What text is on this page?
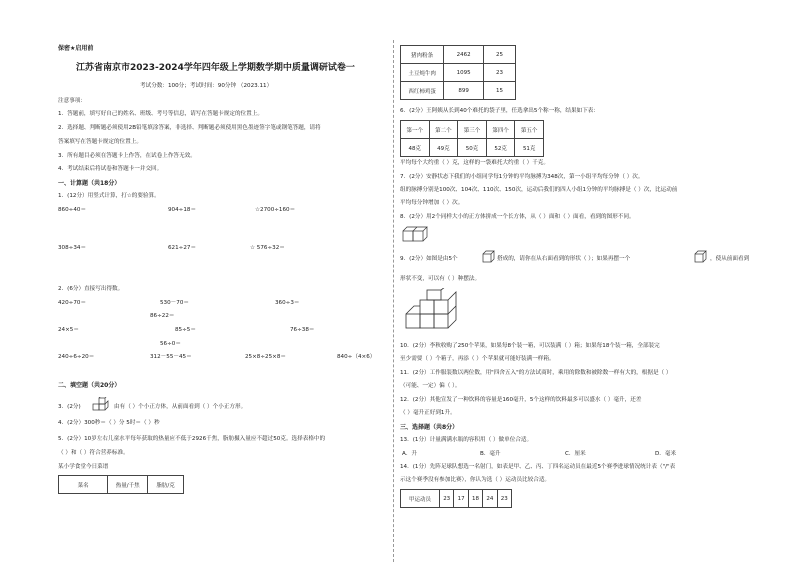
保密★启用前
江苏省南京市2023-2024学年四年级上学期数学期中质量调研试卷一
考试分数：100分；考试时间：90分钟 （2023.11）
注意事项：
1．答题前，填写好自己的姓名、班级、考号等信息，请写在答题卡规定的位置上。
2．选择题、判断题必须使用2B铅笔填涂答案，非选择、判断题必须使用黑色墨迹签字笔或钢笔答题，请将
答案填写在答题卡规定的位置上。
3．所有题目必须在答题卡上作答，在试卷上作答无效。
4．考试结束后将试卷和答题卡一并交回。
一、计算题（共18分）
1．(12分）用竖式计算，打☆的要验算。
860÷40＝	904÷18＝	☆2700÷160＝
308÷34＝	621÷27＝	☆ 576÷32＝
2．(6分）直接写出得数。
420÷70＝	530－70＝	360÷3＝
86÷22＝
24×5＝	85÷5＝	76÷38＝
56÷0＝
240÷6÷20＝	312－55－45＝	25×8÷25×8＝	840÷（4×6）
二、填空题（共20分）
3．(2分)	由有（ ）个小正方体，从前面看到（ ）个小正方形。
4．(2分）300秒＝（ ）分 5时＝（ ）秒
5．(2分）10岁左右儿童水平每年获取的热量应不低于2926千焦，脂肪摄入量应不超过50克。选择表格中的
（ ）和（ ）符合营养标准。
某小学食堂今日菜谱
菜名	热量/千焦	脂肪/克
猪肉粉条	2462	25
土豆炖牛肉	1095	23
西红柿鸡蛋	899	15
6．(2分）王阿姨从长到40个难托的袋子里，任选拿出5个称一称，结果如下表：
第一个	第二个	第三个	第四个	第五个
48克	49克	50克	52克	51克
平均每个大约重（ ）克，这样的一袋难托大约重（ ）千克。
7．(2分）安静状态下我们的小组同学每1分钟的平均脉搏为348次，第一小组平均每分钟（ ）次。
组的脉搏分别是100次、104次、110次、150次，运动后我们的四人小组1分钟的平均脉搏是（ ）次，比运动前
平均每分钟增加（ ）次。
8．(2分）用2个同样大小的正方体拼成一个长方体，从（ ）面和（ ）面看，看到的图形不同。
9．(2分）如图是由5个	搭成的，请你在从右面看到的形状（ ）；如果再摆一个	，使从前面看到
形状不变，可以有（ ）种摆法。
10．(2分）李秋收购了250个苹果，如果每8个装一箱，可以装满（ ）箱；如果每18个装一箱，全部装完
至少需要（ ）个箱子，再添（ ）个苹果就可能好装满一样箱。
11．(2分）工作服装数以两位数，用"四舍五入"的方法试商时，乘用的除数和被除数一样有大的，根据是（ ）
（可能、一定）偏（ ）。
12．(2分）其他宣发了一种饮料的容量是160毫升，5个这样的饮料最多可以盛水（ ）毫升，还差
（ ）毫升正好到1升。
三、选择题（共8分）
13．(1分）计量满满水瓶的容积用（ ）做单位合适。
A．升	B．毫升	C．厘米	D．毫米
14．(1分）先阵足球队想选一名射门，如表是甲、乙、丙、丁四名运动员在最近5个赛季进球情况统计表（"/"表
示这个赛季没有参加比赛），你认为选（ ）运动员比较合适。
甲运动员	23	17	18	24	23
